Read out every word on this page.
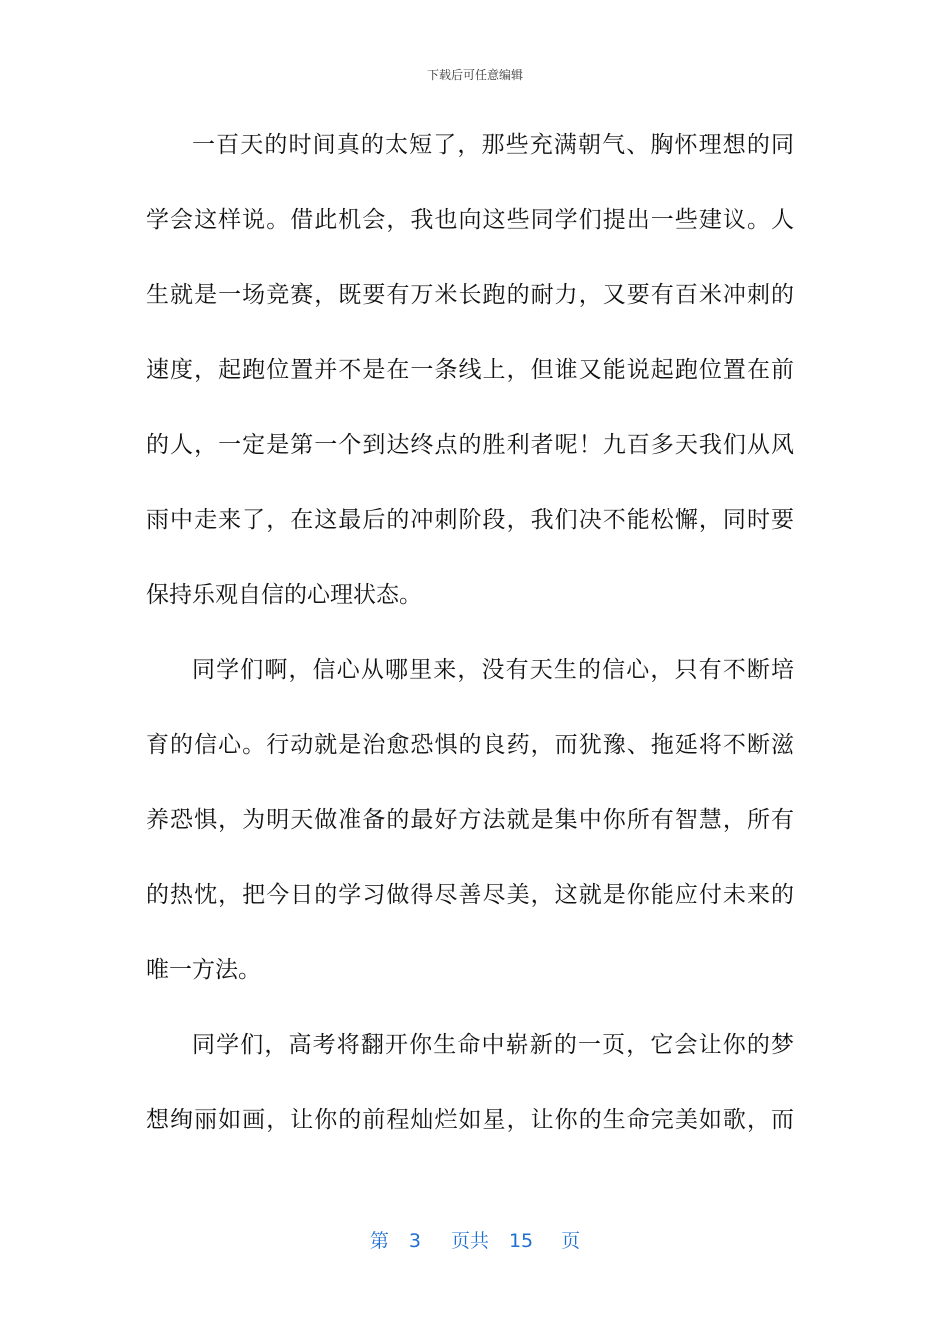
下载后可任意编辑
一百天的时间真的太短了，那些充满朝气、胸怀理想的同
学会这样说。借此机会，我也向这些同学们提出一些建议。人
生就是一场竞赛，既要有万米长跑的耐力，又要有百米冲刺的
速度，起跑位置并不是在一条线上，但谁又能说起跑位置在前
的人，一定是第一个到达终点的胜利者呢！九百多天我们从风
雨中走来了，在这最后的冲刺阶段，我们决不能松懈，同时要
保持乐观自信的心理状态。
同学们啊，信心从哪里来，没有天生的信心，只有不断培
育的信心。行动就是治愈恐惧的良药，而犹豫、拖延将不断滋
养恐惧，为明天做准备的最好方法就是集中你所有智慧，所有
的热忱，把今日的学习做得尽善尽美，这就是你能应付未来的
唯一方法。
同学们，高考将翻开你生命中崭新的一页，它会让你的梦
想绚丽如画，让你的前程灿烂如星，让你的生命完美如歌，而
第 3 页共 15 页
